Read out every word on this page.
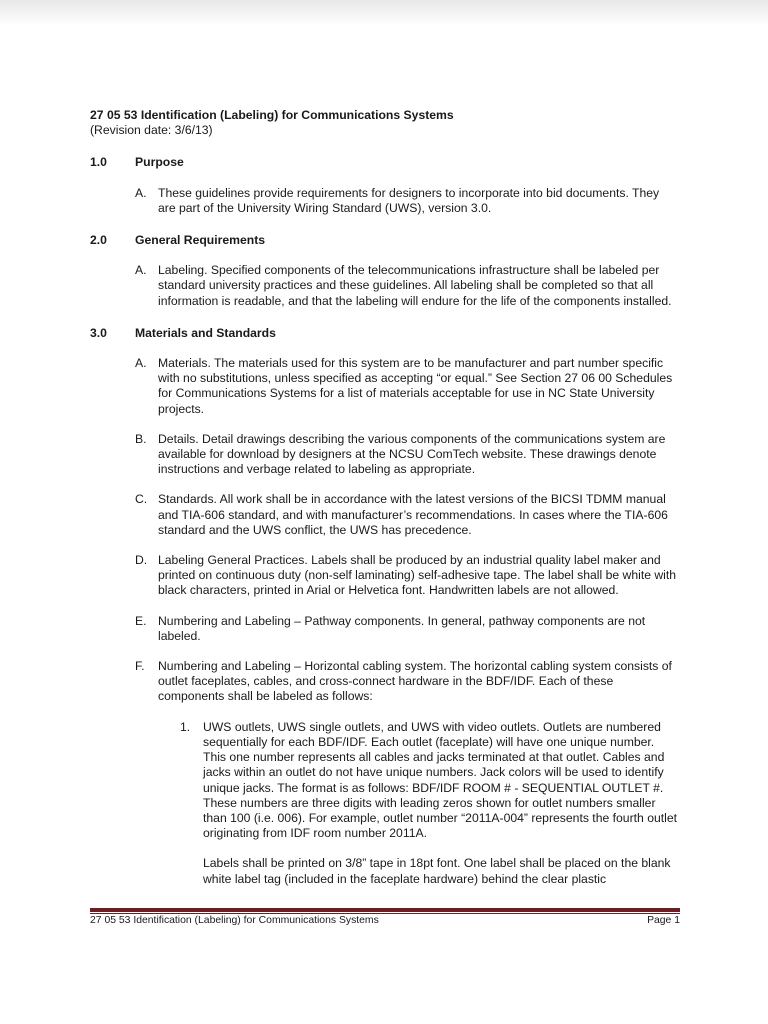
27 05 53 Identification (Labeling) for Communications Systems
(Revision date: 3/6/13)
1.0	Purpose
A. These guidelines provide requirements for designers to incorporate into bid documents. They are part of the University Wiring Standard (UWS), version 3.0.
2.0	General Requirements
A. Labeling. Specified components of the telecommunications infrastructure shall be labeled per standard university practices and these guidelines. All labeling shall be completed so that all information is readable, and that the labeling will endure for the life of the components installed.
3.0	Materials and Standards
A. Materials. The materials used for this system are to be manufacturer and part number specific with no substitutions, unless specified as accepting “or equal.” See Section 27 06 00 Schedules for Communications Systems for a list of materials acceptable for use in NC State University projects.
B. Details. Detail drawings describing the various components of the communications system are available for download by designers at the NCSU ComTech website. These drawings denote instructions and verbage related to labeling as appropriate.
C. Standards. All work shall be in accordance with the latest versions of the BICSI TDMM manual and TIA-606 standard, and with manufacturer’s recommendations. In cases where the TIA-606 standard and the UWS conflict, the UWS has precedence.
D. Labeling General Practices. Labels shall be produced by an industrial quality label maker and printed on continuous duty (non-self laminating) self-adhesive tape. The label shall be white with black characters, printed in Arial or Helvetica font. Handwritten labels are not allowed.
E. Numbering and Labeling – Pathway components. In general, pathway components are not labeled.
F.	Numbering and Labeling – Horizontal cabling system. The horizontal cabling system consists of outlet faceplates, cables, and cross-connect hardware in the BDF/IDF. Each of these components shall be labeled as follows:
1.	UWS outlets, UWS single outlets, and UWS with video outlets. Outlets are numbered sequentially for each BDF/IDF. Each outlet (faceplate) will have one unique number. This one number represents all cables and jacks terminated at that outlet. Cables and jacks within an outlet do not have unique numbers. Jack colors will be used to identify unique jacks. The format is as follows: BDF/IDF ROOM # - SEQUENTIAL OUTLET #. These numbers are three digits with leading zeros shown for outlet numbers smaller than 100 (i.e. 006). For example, outlet number “2011A-004” represents the fourth outlet originating from IDF room number 2011A.
Labels shall be printed on 3/8” tape in 18pt font. One label shall be placed on the blank white label tag (included in the faceplate hardware) behind the clear plastic
27 05 53 Identification (Labeling) for Communications Systems	Page 1
